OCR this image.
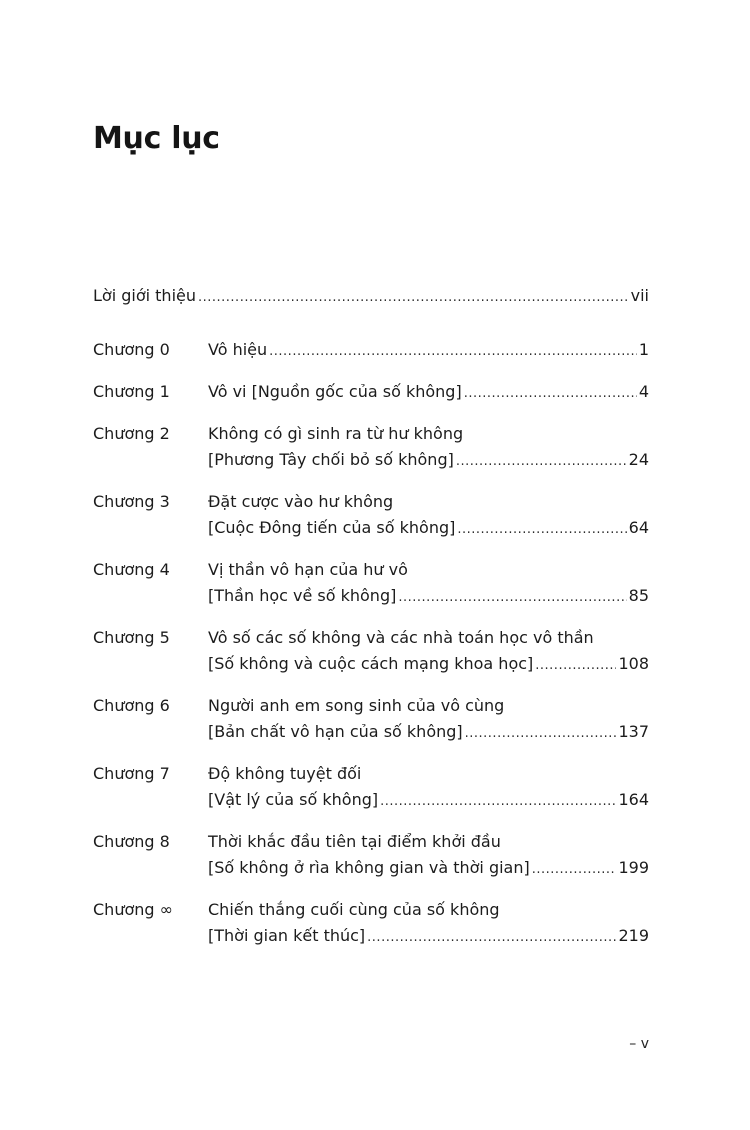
Mục lục
Lời giới thiệu .....	vii
Chương 0	Vô hiệu .....	1
Chương 1	Vô vi [Nguồn gốc của số không] .....	4
Chương 2	Không có gì sinh ra từ hư không
[Phương Tây chối bỏ số không] .....	24
Chương 3	Đặt cược vào hư không
[Cuộc Đông tiến của số không] .....	64
Chương 4	Vị thần vô hạn của hư vô
[Thần học về số không] .....	85
Chương 5	Vô số các số không và các nhà toán học vô thần
[Số không và cuộc cách mạng khoa học] .....	108
Chương 6	Người anh em song sinh của vô cùng
[Bản chất vô hạn của số không] .....	137
Chương 7	Độ không tuyệt đối
[Vật lý của số không] .....	164
Chương 8	Thời khắc đầu tiên tại điểm khởi đầu
[Số không ở rìa không gian và thời gian] .....	199
Chương ∞	Chiến thắng cuối cùng của số không
[Thời gian kết thúc] .....	219
– v
